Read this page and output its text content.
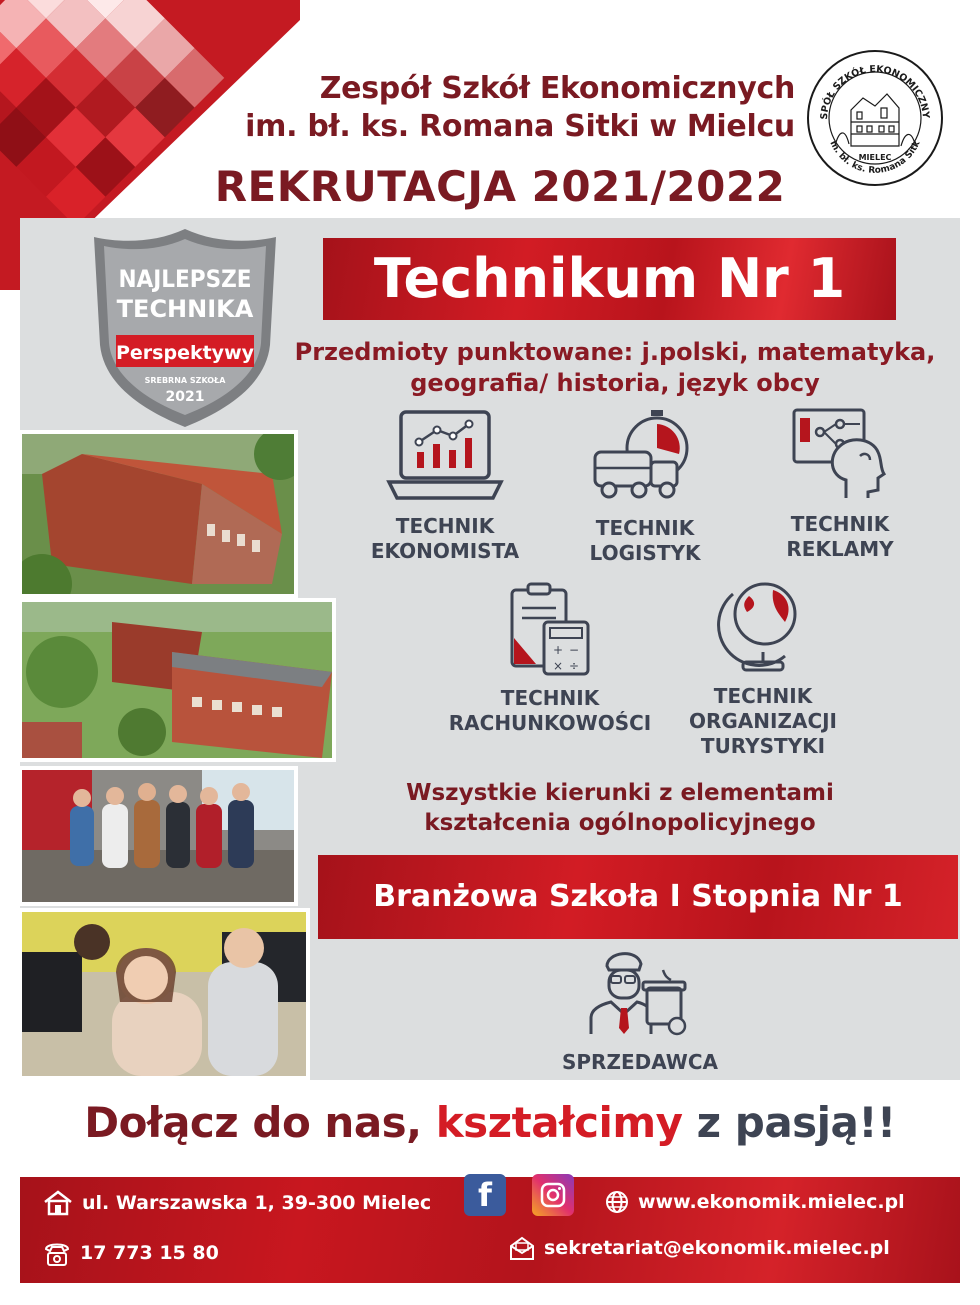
Zespół Szkół Ekonomicznych
im. bł. ks. Romana Sitki w Mielcu
REKRUTACJA 2021/2022
SPÓŁ SZKÓŁ EKONOMICZNY
m. bł. ks. Romana Sitk
MIELEC
NAJLEPSZE
TECHNIKA
Perspektywy
SREBRNA SZKOŁA
2021
Technikum Nr 1
Przedmioty punktowane: j.polski, matematyka,
geografia/ historia, język obcy
TECHNIK
EKONOMISTA
TECHNIK
LOGISTYK
TECHNIK
REKLAMY
+ −
× ÷
TECHNIK
RACHUNKOWOŚCI
TECHNIK
ORGANIZACJI
TURYSTYKI
Wszystkie kierunki z elementami
kształcenia ogólnopolicyjnego
Branżowa Szkoła I Stopnia Nr 1
SPRZEDAWCA
Dołącz do nas, kształcimy z pasją!!
ul. Warszawska 1, 39-300 Mielec
17 773 15 80
f	www.ekonomik.mielec.pl
sekretariat@ekonomik.mielec.pl
